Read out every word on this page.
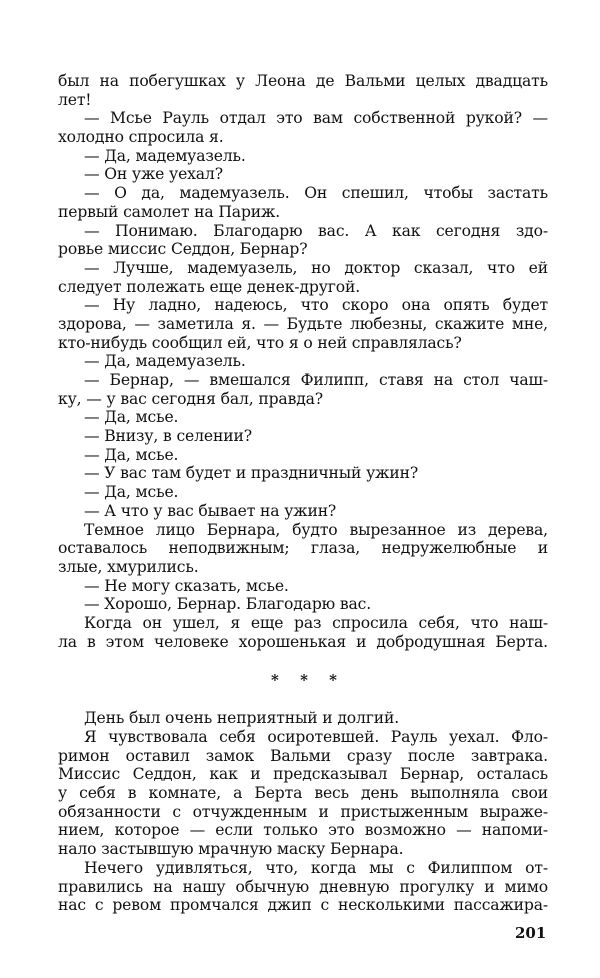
был на побегушках у Леона де Вальми целых двадцать
лет!
— Мсье Рауль отдал это вам собственной рукой? —
холодно спросила я.
— Да, мадемуазель.
— Он уже уехал?
— О да, мадемуазель. Он спешил, чтобы застать
первый самолет на Париж.
— Понимаю. Благодарю вас. А как сегодня здо-
ровье миссис Седдон, Бернар?
— Лучше, мадемуазель, но доктор сказал, что ей
следует полежать еще денек-другой.
— Ну ладно, надеюсь, что скоро она опять будет
здорова, — заметила я. — Будьте любезны, скажите мне,
кто-нибудь сообщил ей, что я о ней справлялась?
— Да, мадемуазель.
— Бернар, — вмешался Филипп, ставя на стол чаш-
ку, — у вас сегодня бал, правда?
— Да, мсье.
— Внизу, в селении?
— Да, мсье.
— У вас там будет и праздничный ужин?
— Да, мсье.
— А что у вас бывает на ужин?
Темное лицо Бернара, будто вырезанное из дерева,
оставалось неподвижным; глаза, недружелюбные и
злые, хмурились.
— Не могу сказать, мсье.
— Хорошо, Бернар. Благодарю вас.
Когда он ушел, я еще раз спросила себя, что наш-
ла в этом человеке хорошенькая и добродушная Берта.
* * *
День был очень неприятный и долгий.
Я чувствовала себя осиротевшей. Рауль уехал. Фло-
римон оставил замок Вальми сразу после завтрака.
Миссис Седдон, как и предсказывал Бернар, осталась
у себя в комнате, а Берта весь день выполняла свои
обязанности с отчужденным и пристыженным выраже-
нием, которое — если только это возможно — напоми-
нало застывшую мрачную маску Бернара.
Нечего удивляться, что, когда мы с Филиппом от-
правились на нашу обычную дневную прогулку и мимо
нас с ревом промчался джип с несколькими пассажира-
201
